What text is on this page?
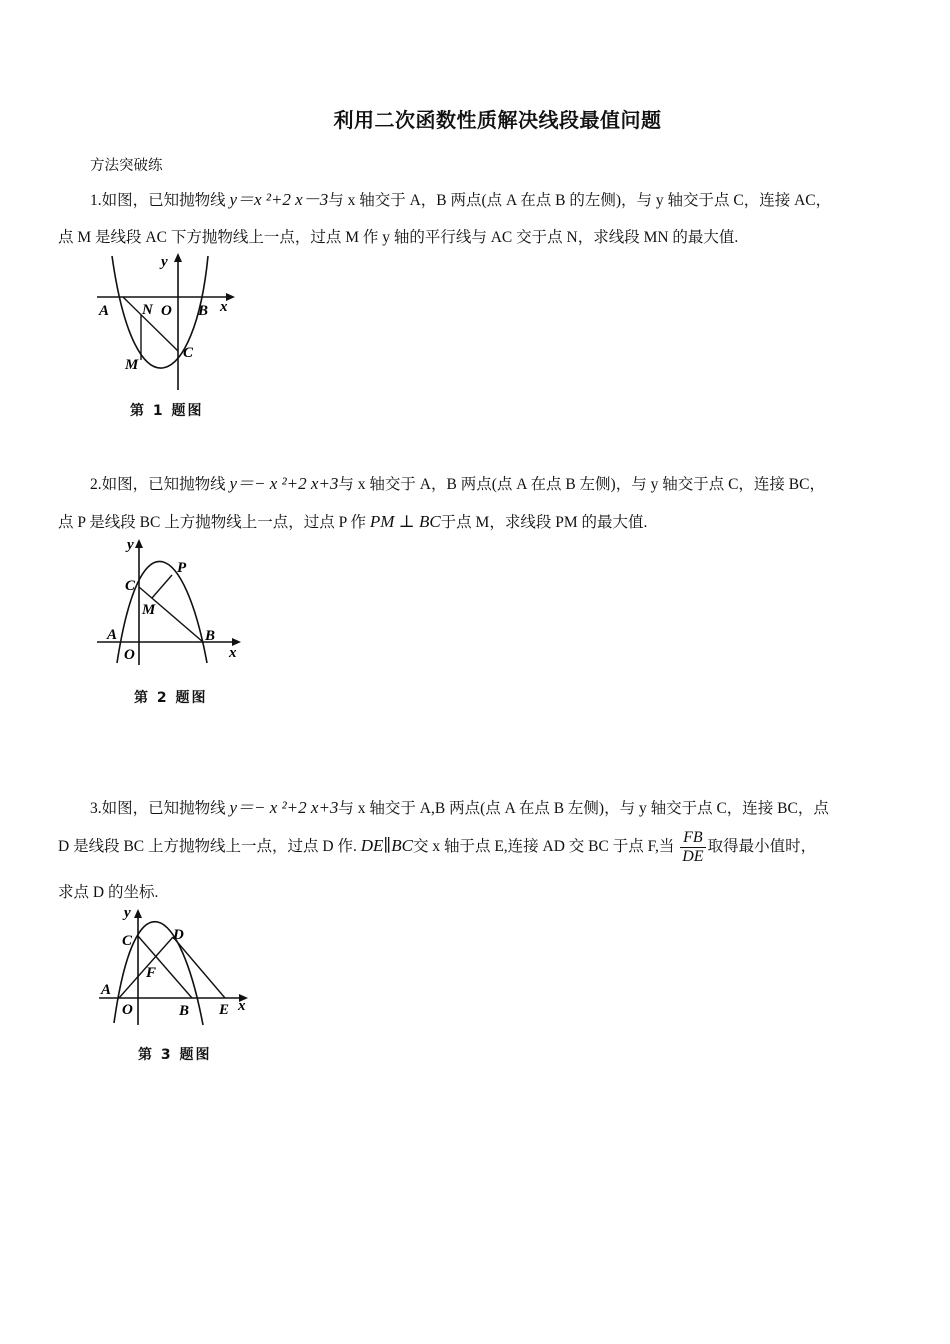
利用二次函数性质解决线段最值问题
方法突破练
1.如图，已知抛物线 y＝x ²+2 x－3与 x 轴交于 A，B 两点(点 A 在点 B 的左侧)，与 y 轴交于点 C，连接 AC，
点 M 是线段 AC 下方抛物线上一点，过点 M 作 y 轴的平行线与 AC 交于点 N，求线段 MN 的最大值.
A N O B x
y
C
M
第 1 题图
2.如图，已知抛物线 y＝− x ²+2 x+3与 x 轴交于 A，B 两点(点 A 在点 B 左侧)，与 y 轴交于点 C，连接 BC，
点 P 是线段 BC 上方抛物线上一点，过点 P 作 PM ⊥ BC于点 M，求线段 PM 的最大值.
A
O
B
x
y
C
M
P
第 2 题图
3.如图，已知抛物线 y＝− x ²+2 x+3与 x 轴交于 A,B 两点(点 A 在点 B 左侧)，与 y 轴交于点 C，连接 BC，点
D 是线段 BC 上方抛物线上一点，过点 D 作. DE∥BC交 x 轴于点 E,连接 AD 交 BC 于点 F,当 $\frac{FB}{DE}$ 取得最小值时，
求点 D 的坐标.
A
O	B E x
y
C	D
F
第 3 题图
